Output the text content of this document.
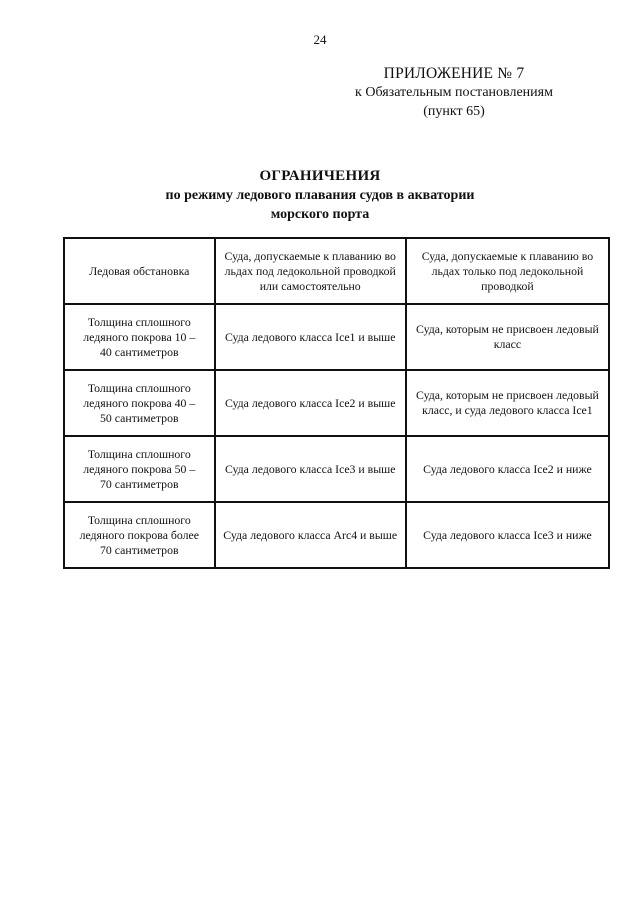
24
ПРИЛОЖЕНИЕ № 7
к Обязательным постановлениям
(пункт 65)
ОГРАНИЧЕНИЯ
по режиму ледового плавания судов в акватории морского порта
Ледовая обстановка	Суда, допускаемые к плаванию во льдах под ледокольной проводкой или самостоятельно	Суда, допускаемые к плаванию во льдах только под ледокольной проводкой
Толщина сплошного ледяного покрова 10 – 40 сантиметров	Суда ледового класса Ice1 и выше	Суда, которым не присвоен ледовый класс
Толщина сплошного ледяного покрова 40 – 50 сантиметров	Суда ледового класса Ice2 и выше	Суда, которым не присвоен ледовый класс, и суда ледового класса Ice1
Толщина сплошного ледяного покрова 50 – 70 сантиметров	Суда ледового класса Ice3 и выше	Суда ледового класса Ice2 и ниже
Толщина сплошного ледяного покрова более 70 сантиметров	Суда ледового класса Arc4 и выше	Суда ледового класса Ice3 и ниже
